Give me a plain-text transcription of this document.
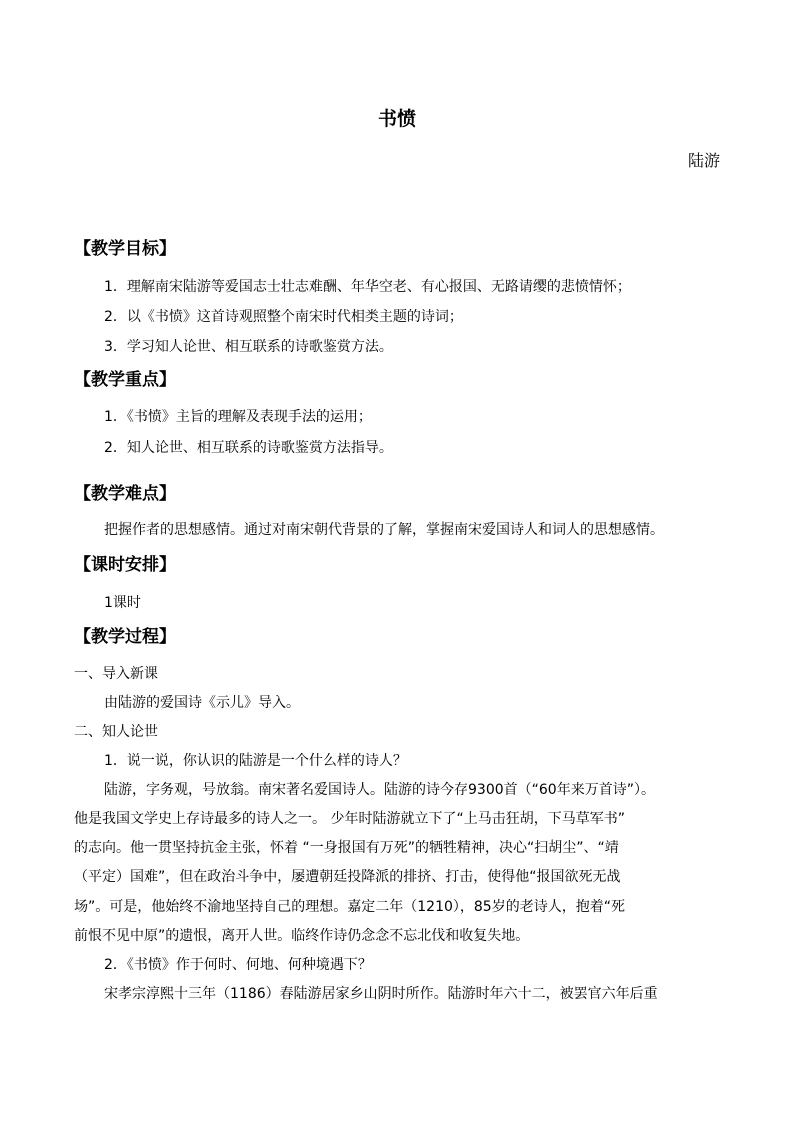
书愤
陆游
【教学目标】
1．理解南宋陆游等爱国志士壮志难酬、年华空老、有心报国、无路请缨的悲愤情怀；
2．以《书愤》这首诗观照整个南宋时代相类主题的诗词；
3．学习知人论世、相互联系的诗歌鉴赏方法。
【教学重点】
1．《书愤》主旨的理解及表现手法的运用；
2．知人论世、相互联系的诗歌鉴赏方法指导。
【教学难点】
把握作者的思想感情。通过对南宋朝代背景的了解，掌握南宋爱国诗人和词人的思想感情。
【课时安排】
1课时
【教学过程】
一、导入新课
由陆游的爱国诗《示儿》导入。
二、知人论世
1．说一说，你认识的陆游是一个什么样的诗人？
陆游，字务观，号放翁。南宋著名爱国诗人。陆游的诗今存9300首（“60年来万首诗”）。
他是我国文学史上存诗最多的诗人之一。 少年时陆游就立下了“上马击狂胡，下马草军书”
的志向。他一贯坚持抗金主张，怀着 “一身报国有万死”的牺牲精神，决心“扫胡尘”、“靖
（平定）国难”，但在政治斗争中，屡遭朝廷投降派的排挤、打击，使得他“报国欲死无战
场”。可是，他始终不渝地坚持自己的理想。嘉定二年（1210），85岁的老诗人，抱着“死
前恨不见中原”的遗恨，离开人世。临终作诗仍念念不忘北伐和收复失地。
2．《书愤》作于何时、何地、何种境遇下？
宋孝宗淳熙十三年（1186）春陆游居家乡山阴时所作。陆游时年六十二，被罢官六年后重
